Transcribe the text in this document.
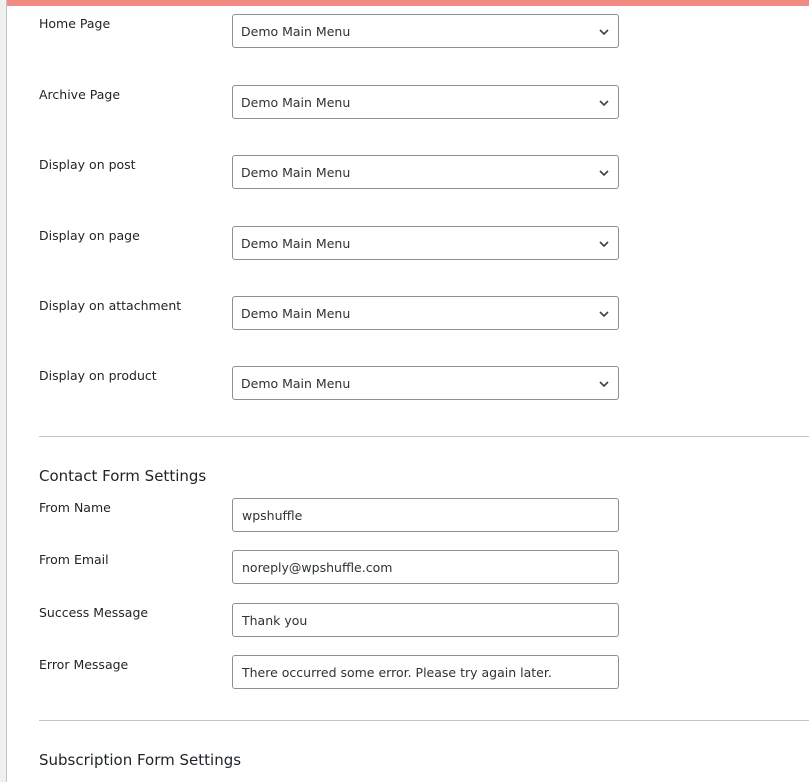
Home Page
Demo Main Menu
Archive Page
Demo Main Menu
Display on post
Demo Main Menu
Display on page
Demo Main Menu
Display on attachment
Demo Main Menu
Display on product
Demo Main Menu
Contact Form Settings
From Name
wpshuffle
From Email
noreply@wpshuffle.com
Success Message
Thank you
Error Message
There occurred some error. Please try again later.
Subscription Form Settings
